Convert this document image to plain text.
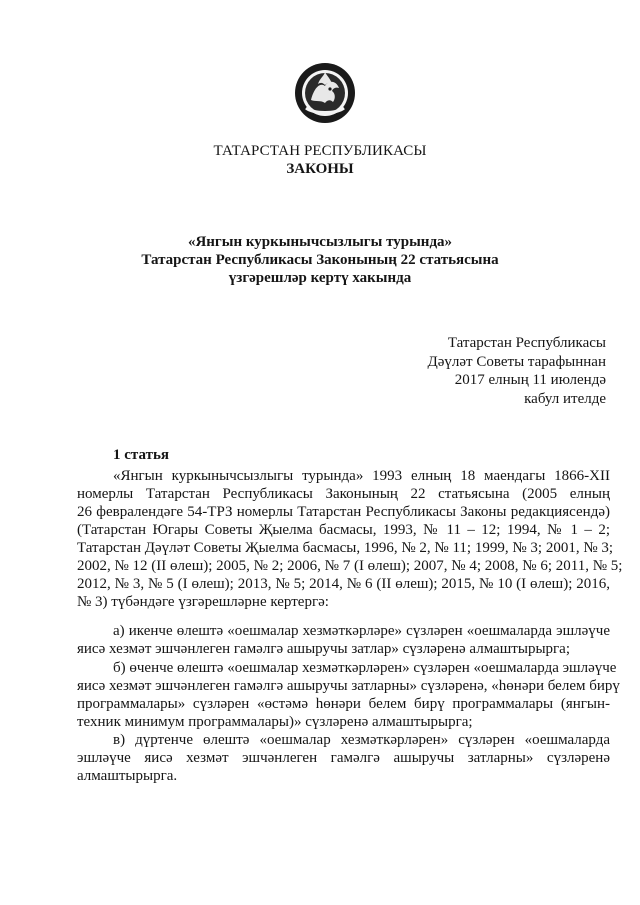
ТАТАРСТАН РЕСПУБЛИКАСЫ
ЗАКОНЫ
«Янгын куркынычсызлыгы турында»
Татарстан Республикасы Законының 22 статьясына
үзгәрешләр кертү хакында
Татарстан Республикасы
Дәүләт Советы тарафыннан
2017 елның 11 июлендә
кабул ителде
1 статья
«Янгын куркынычсызлыгы турында» 1993 елның 18 маендагы 1866-XII
номерлы Татарстан Республикасы Законының 22 статьясына (2005 елның
26 февралендәге 54-ТРЗ номерлы Татарстан Республикасы Законы редакциясендә)
(Татарстан Югары Советы Җыелма басмасы, 1993, № 11 – 12; 1994, № 1 – 2;
Татарстан Дәүләт Советы Җыелма басмасы, 1996, № 2, № 11; 1999, № 3; 2001, № 3;
2002, № 12 (II өлеш); 2005, № 2; 2006, № 7 (I өлеш); 2007, № 4; 2008, № 6; 2011, № 5;
2012, № 3, № 5 (I өлеш); 2013, № 5; 2014, № 6 (II өлеш); 2015, № 10 (I өлеш); 2016,
№ 3) түбәндәге үзгәрешләрне кертергә:
а) икенче өлештә «оешмалар хезмәткәрләре» сүзләрен «оешмаларда эшләүче
яисә хезмәт эшчәнлеген гамәлгә ашыручы затлар» сүзләренә алмаштырырга;
б) өченче өлештә «оешмалар хезмәткәрләрен» сүзләрен «оешмаларда эшләүче
яисә хезмәт эшчәнлеген гамәлгә ашыручы затларны» сүзләренә, «һөнәри белем бирү
программалары» сүзләрен «өстәмә һөнәри белем бирү программалары (янгын-
техник минимум программалары)» сүзләренә алмаштырырга;
в) дүртенче өлештә «оешмалар хезмәткәрләрен» сүзләрен «оешмаларда
эшләүче яисә хезмәт эшчәнлеген гамәлгә ашыручы затларны» сүзләренә
алмаштырырга.
